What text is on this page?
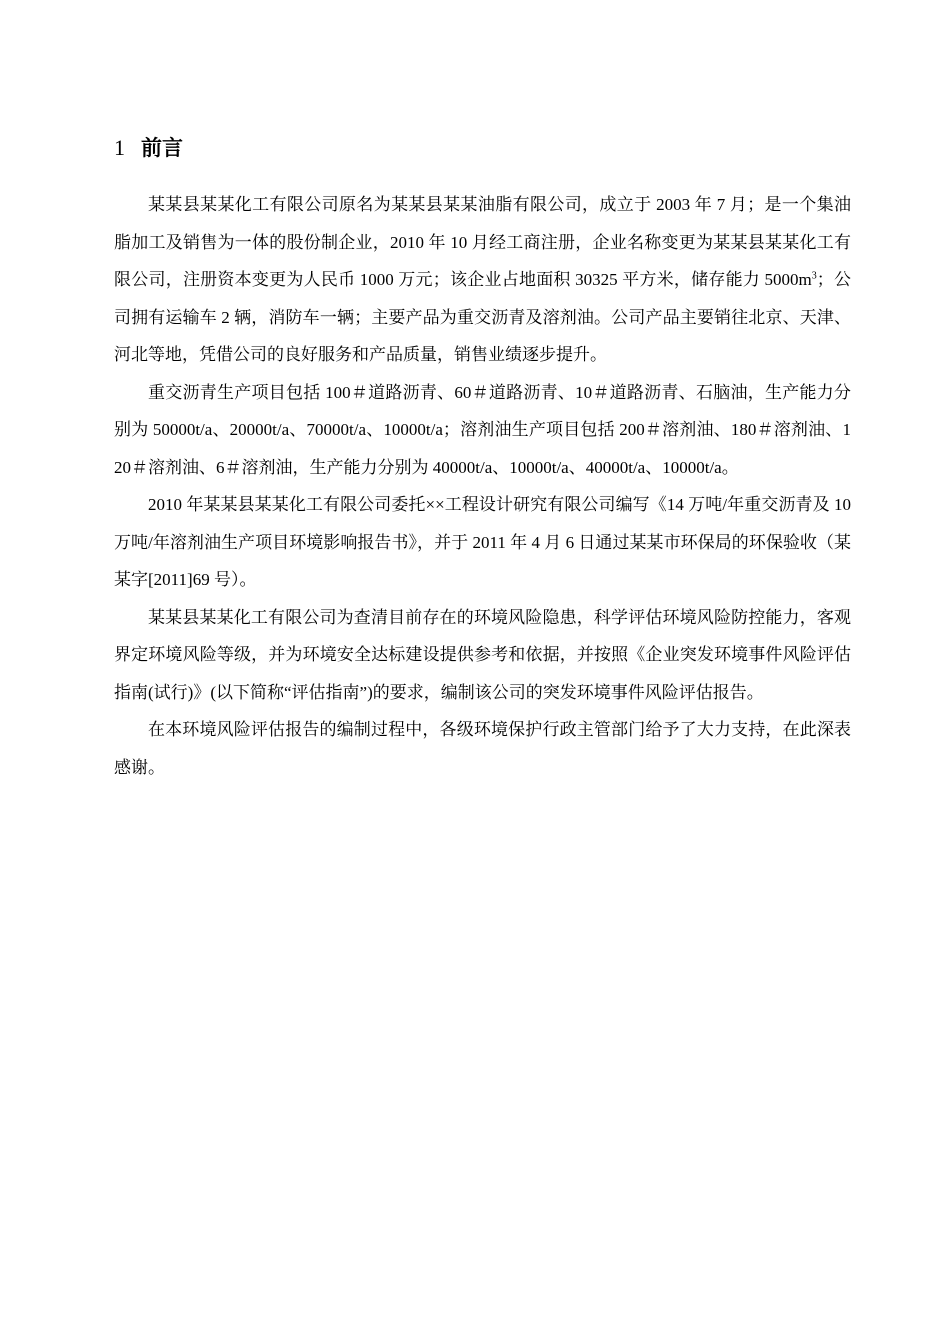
1 前言

某某县某某化工有限公司原名为某某县某某油脂有限公司，成立于 2003 年 7 月；是一个集油脂加工及销售为一体的股份制企业，2010 年 10 月经工商注册，企业名称变更为某某县某某化工有限公司，注册资本变更为人民币 1000 万元；该企业占地面积 30325 平方米，储存能力 $5000m^3$；公司拥有运输车 2 辆，消防车一辆；主要产品为重交沥青及溶剂油。公司产品主要销往北京、天津、河北等地，凭借公司的良好服务和产品质量，销售业绩逐步提升。

重交沥青生产项目包括 100＃道路沥青、60＃道路沥青、10＃道路沥青、石脑油，生产能力分别为 50000t/a、20000t/a、70000t/a、10000t/a；溶剂油生产项目包括 200＃溶剂油、180＃溶剂油、120＃溶剂油、6＃溶剂油，生产能力分别为 40000t/a、10000t/a、40000t/a、10000t/a。

2010 年某某县某某化工有限公司委托××工程设计研究有限公司编写《14 万吨/年重交沥青及 10 万吨/年溶剂油生产项目环境影响报告书》，并于 2011 年 4 月 6 日通过某某市环保局的环保验收（某某字[2011]69 号）。

某某县某某化工有限公司为查清目前存在的环境风险隐患，科学评估环境风险防控能力，客观界定环境风险等级，并为环境安全达标建设提供参考和依据，并按照《企业突发环境事件风险评估指南(试行)》(以下简称“评估指南”)的要求，编制该公司的突发环境事件风险评估报告。

在本环境风险评估报告的编制过程中，各级环境保护行政主管部门给予了大力支持，在此深表感谢。
